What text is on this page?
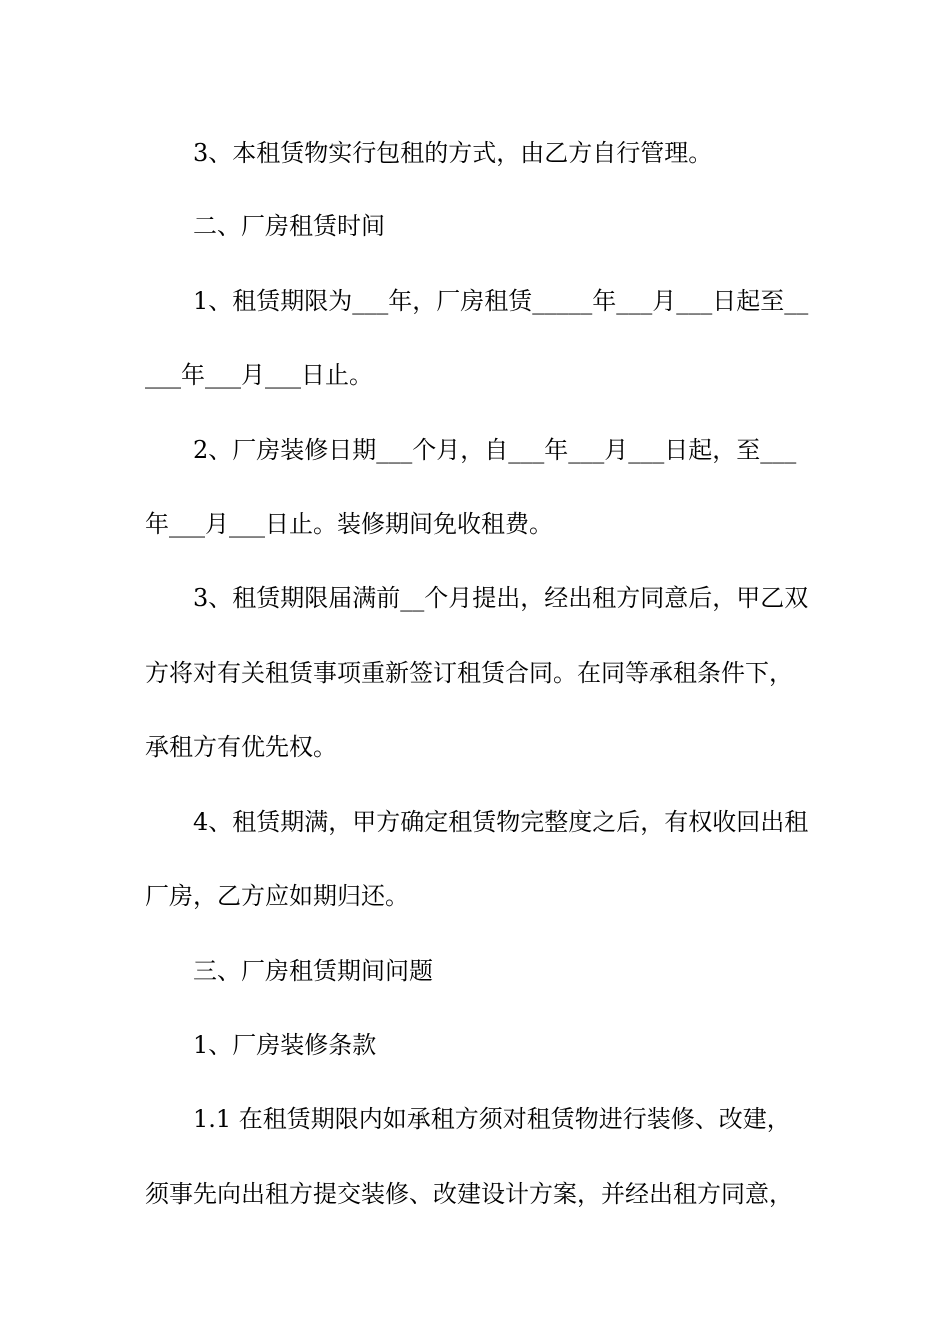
3、本租赁物实行包租的方式，由乙方自行管理。
二、厂房租赁时间
1、租赁期限为___年，厂房租赁_____年___月___日起至__
___年___月___日止。
2、厂房装修日期___个月，自___年___月___日起，至___
年___月___日止。装修期间免收租费。
3、租赁期限届满前__个月提出，经出租方同意后，甲乙双
方将对有关租赁事项重新签订租赁合同。在同等承租条件下，
承租方有优先权。
4、租赁期满，甲方确定租赁物完整度之后，有权收回出租
厂房，乙方应如期归还。
三、厂房租赁期间问题
1、厂房装修条款
1.1 在租赁期限内如承租方须对租赁物进行装修、改建，
须事先向出租方提交装修、改建设计方案，并经出租方同意，
